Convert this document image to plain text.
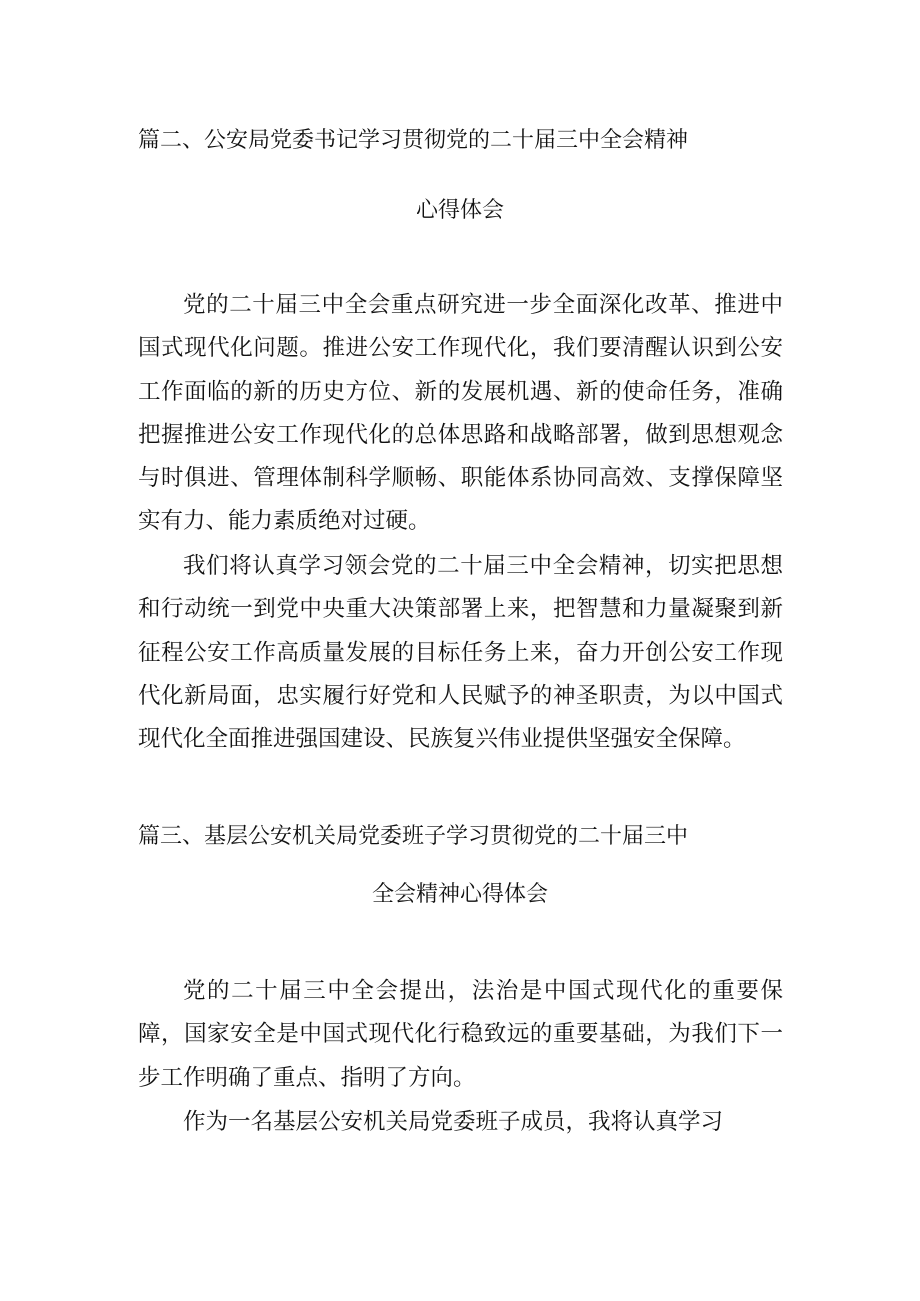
篇二、公安局党委书记学习贯彻党的二十届三中全会精神
心得体会

党的二十届三中全会重点研究进一步全面深化改革、推进中国式现代化问题。推进公安工作现代化，我们要清醒认识到公安工作面临的新的历史方位、新的发展机遇、新的使命任务，准确把握推进公安工作现代化的总体思路和战略部署，做到思想观念与时俱进、管理体制科学顺畅、职能体系协同高效、支撑保障坚实有力、能力素质绝对过硬。

我们将认真学习领会党的二十届三中全会精神，切实把思想和行动统一到党中央重大决策部署上来，把智慧和力量凝聚到新征程公安工作高质量发展的目标任务上来，奋力开创公安工作现代化新局面，忠实履行好党和人民赋予的神圣职责，为以中国式现代化全面推进强国建设、民族复兴伟业提供坚强安全保障。

篇三、基层公安机关局党委班子学习贯彻党的二十届三中
全会精神心得体会

党的二十届三中全会提出，法治是中国式现代化的重要保障，国家安全是中国式现代化行稳致远的重要基础，为我们下一步工作明确了重点、指明了方向。

作为一名基层公安机关局党委班子成员，我将认真学习
